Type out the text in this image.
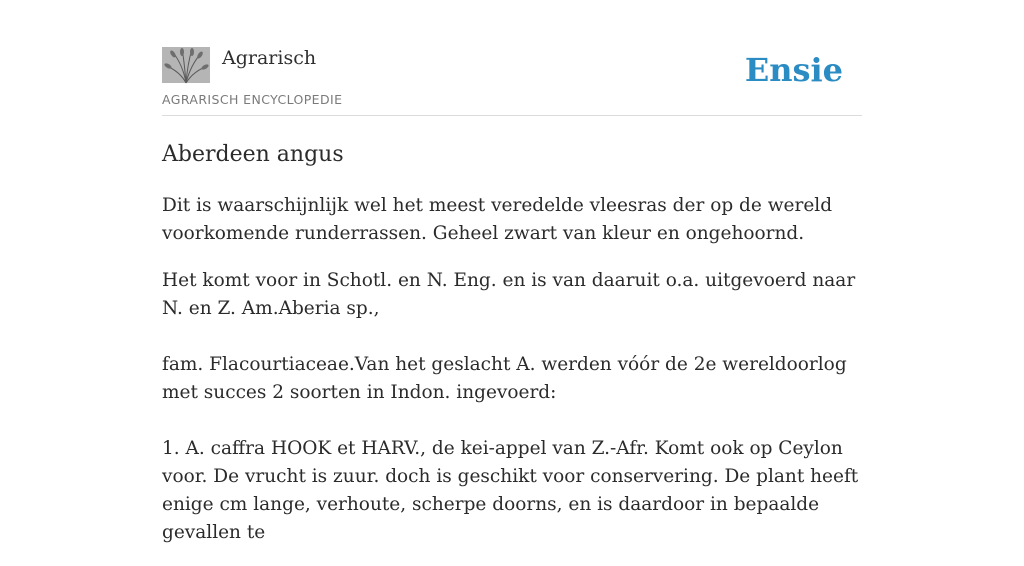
Agrarisch
AGRARISCH ENCYCLOPEDIE
Ensie
Aberdeen angus

Dit is waarschijnlijk wel het meest veredelde vleesras der op de wereld voorkomende runderrassen. Geheel zwart van kleur en ongehoornd.

Het komt voor in Schotl. en N. Eng. en is van daaruit o.a. uitgevoerd naar N. en Z. Am.Aberia sp.,

fam. Flacourtiaceae.Van het geslacht A. werden vóór de 2e wereldoorlog met succes 2 soorten in Indon. ingevoerd:

1. A. caffra HOOK et HARV., de kei-appel van Z.-Afr. Komt ook op Ceylon voor. De vrucht is zuur. doch is geschikt voor conservering. De plant heeft enige cm lange, verhoute, scherpe doorns, en is daardoor in bepaalde gevallen te
